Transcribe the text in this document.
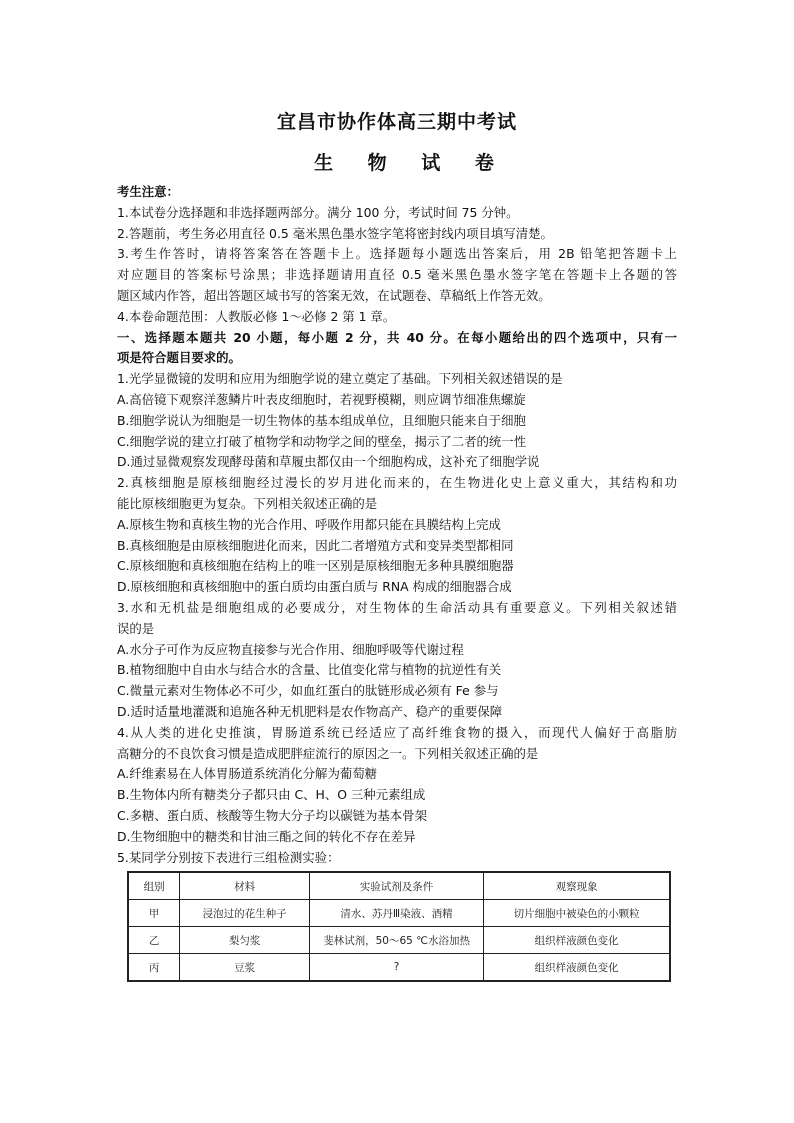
宜昌市协作体高三期中考试
生 物 试 卷
考生注意：
1.本试卷分选择题和非选择题两部分。满分 100 分，考试时间 75 分钟。
2.答题前，考生务必用直径 0.5 毫米黑色墨水签字笔将密封线内项目填写清楚。
3.考生作答时，请将答案答在答题卡上。选择题每小题选出答案后，用 2B 铅笔把答题卡上
对应题目的答案标号涂黑；非选择题请用直径 0.5 毫米黑色墨水签字笔在答题卡上各题的答
题区域内作答，超出答题区域书写的答案无效，在试题卷、草稿纸上作答无效。
4.本卷命题范围：人教版必修 1～必修 2 第 1 章。
一、选择题本题共 20 小题，每小题 2 分，共 40 分。在每小题给出的四个选项中，只有一
项是符合题目要求的。
1.光学显微镜的发明和应用为细胞学说的建立奠定了基础。下列相关叙述错误的是
A.高倍镜下观察洋葱鳞片叶表皮细胞时，若视野模糊，则应调节细准焦螺旋
B.细胞学说认为细胞是一切生物体的基本组成单位，且细胞只能来自于细胞
C.细胞学说的建立打破了植物学和动物学之间的壁垒，揭示了二者的统一性
D.通过显微观察发现酵母菌和草履虫都仅由一个细胞构成，这补充了细胞学说
2.真核细胞是原核细胞经过漫长的岁月进化而来的，在生物进化史上意义重大，其结构和功
能比原核细胞更为复杂。下列相关叙述正确的是
A.原核生物和真核生物的光合作用、呼吸作用都只能在具膜结构上完成
B.真核细胞是由原核细胞进化而来，因此二者增殖方式和变异类型都相同
C.原核细胞和真核细胞在结构上的唯一区别是原核细胞无多种具膜细胞器
D.原核细胞和真核细胞中的蛋白质均由蛋白质与 RNA 构成的细胞器合成
3.水和无机盐是细胞组成的必要成分，对生物体的生命活动具有重要意义。下列相关叙述错
误的是
A.水分子可作为反应物直接参与光合作用、细胞呼吸等代谢过程
B.植物细胞中自由水与结合水的含量、比值变化常与植物的抗逆性有关
C.微量元素对生物体必不可少，如血红蛋白的肽链形成必须有 Fe 参与
D.适时适量地灌溉和追施各种无机肥料是农作物高产、稳产的重要保障
4.从人类的进化史推演，胃肠道系统已经适应了高纤维食物的摄入，而现代人偏好于高脂肪
高糖分的不良饮食习惯是造成肥胖症流行的原因之一。下列相关叙述正确的是
A.纤维素易在人体胃肠道系统消化分解为葡萄糖
B.生物体内所有糖类分子都只由 C、H、O 三种元素组成
C.多糖、蛋白质、核酸等生物大分子均以碳链为基本骨架
D.生物细胞中的糖类和甘油三酯之间的转化不存在差异
5.某同学分别按下表进行三组检测实验：
组别	材料	实验试剂及条件	观察现象
甲	浸泡过的花生种子	清水、苏丹Ⅲ染液、酒精	切片细胞中被染色的小颗粒
乙	梨匀浆	斐林试剂，50～65 ℃水浴加热	组织样液颜色变化
丙	豆浆	?	组织样液颜色变化
